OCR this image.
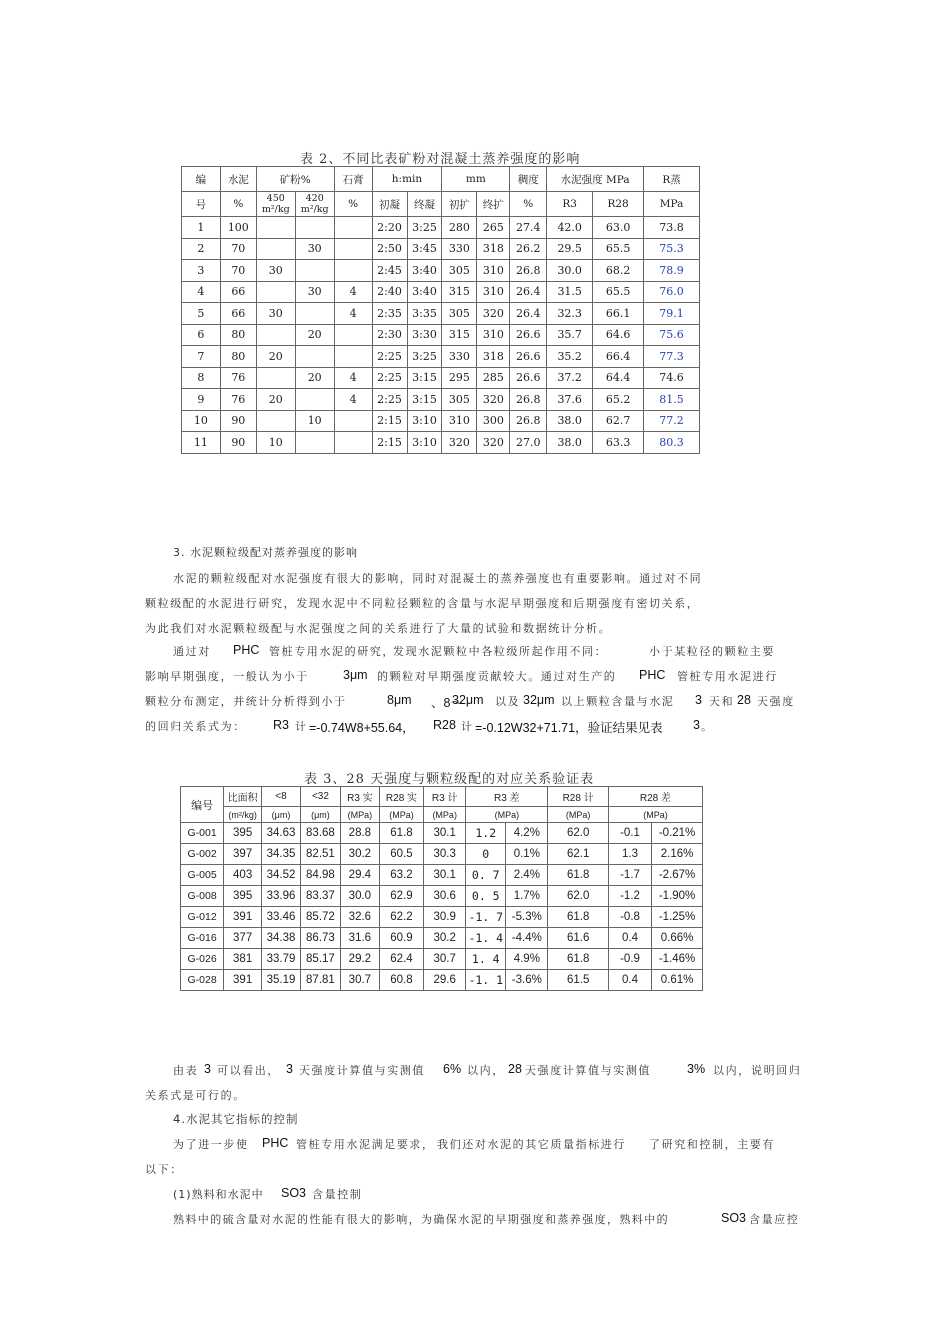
表 2、不同比表矿粉对混凝土蒸养强度的影响
编	水泥	矿粉%		石膏	h:min		mm		稠度	水泥强度 MPa		R蒸
号	%	450 m²/kg	420 m²/kg	%	初凝	终凝	初扩	终扩	%	R3	R28	MPa
1	100				2:20	3:25	280	265	27.4	42.0	63.0	73.8
2	70		30		2:50	3:45	330	318	26.2	29.5	65.5	75.3
3	70	30			2:45	3:40	305	310	26.8	30.0	68.2	78.9
4	66		30	4	2:40	3:40	315	310	26.4	31.5	65.5	76.0
5	66	30		4	2:35	3:35	305	320	26.4	32.3	66.1	79.1
6	80		20		2:30	3:30	315	310	26.6	35.7	64.6	75.6
7	80	20			2:25	3:25	330	318	26.6	35.2	66.4	77.3
8	76		20	4	2:25	3:15	295	285	26.6	37.2	64.4	74.6
9	76	20		4	2:25	3:15	305	320	26.8	37.6	65.2	81.5
10	90		10		2:15	3:10	310	300	26.8	38.0	62.7	77.2
11	90	10			2:15	3:10	320	320	27.0	38.0	63.3	80.3
3. 水泥颗粒级配对蒸养强度的影响
水泥的颗粒级配对水泥强度有很大的影响，同时对混凝土的蒸养强度也有重要影响。通过对不同
颗粒级配的水泥进行研究，发现水泥中不同粒径颗粒的含量与水泥早期强度和后期强度有密切关系，
为此我们对水泥颗粒级配与水泥强度之间的关系进行了大量的试验和数据统计分析。
通过对 PHC 管桩专用水泥的研究，
发现水泥颗粒中各粒级所起作用不同：	小于某粒径的颗粒主要
影响早期强度，一般认为小于	3μm 的颗粒对早期强度贡献较大。通过对生产的 PHC 管桩专用水泥进行
颗粒分布测定，并统计分析得到小于	8μm 、8～
32μm 以及 32μm 以上颗粒含量与水泥 3 天和 28 天强度
的回归关系式为： R3 计 =-0.74W8+55.64， R28 计 =-0.12W32+71.71，验证结果见表 3 。
表 3、28 天强度与颗粒级配的对应关系验证表
编号	比面积	<8	<32	R3 实	R28 实	R3 计	R3 差		R28 计	R28 差	
	(m²/kg)	(μm)	(μm)	(MPa)	(MPa)	(MPa)	(MPa)		(MPa)	(MPa)	
G-001	395	34.63	83.68	28.8	61.8	30.1	1.2	4.2%	62.0	-0.1	-0.21%
G-002	397	34.35	82.51	30.2	60.5	30.3	0	0.1%	62.1	1.3	2.16%
G-005	403	34.52	84.98	29.4	63.2	30.1	0. 7	2.4%	61.8	-1.7	-2.67%
G-008	395	33.96	83.37	30.0	62.9	30.6	0. 5	1.7%	62.0	-1.2	-1.90%
G-012	391	33.46	85.72	32.6	62.2	30.9	-1. 7	-5.3%	61.8	-0.8	-1.25%
G-016	377	34.38	86.73	31.6	60.9	30.2	-1. 4	-4.4%	61.6	0.4	0.66%
G-026	381	33.79	85.17	29.2	62.4	30.7	1. 4	4.9%	61.8	-0.9	-1.46%
G-028	391	35.19	87.81	30.7	60.8	29.6	-1. 1	-3.6%	61.5	0.4	0.61%
由表 3 可以看出， 3 天强度计算值与实测值 6% 以内， 28 天强度计算值与实测值	3% 以内， 说明回归
关系式是可行的。
4.水泥其它指标的控制
为了进一步使 PHC 管桩专用水泥满足要求， 我们还对水泥的其它质量指标进行 了研究和控制，主要有
以下：
(1)熟料和水泥中 SO3 含量控制
熟料中的硫含量对水泥的性能有很大的影响，为确保水泥的早期强度和蒸养强度，熟料中的	SO3 含量应控
